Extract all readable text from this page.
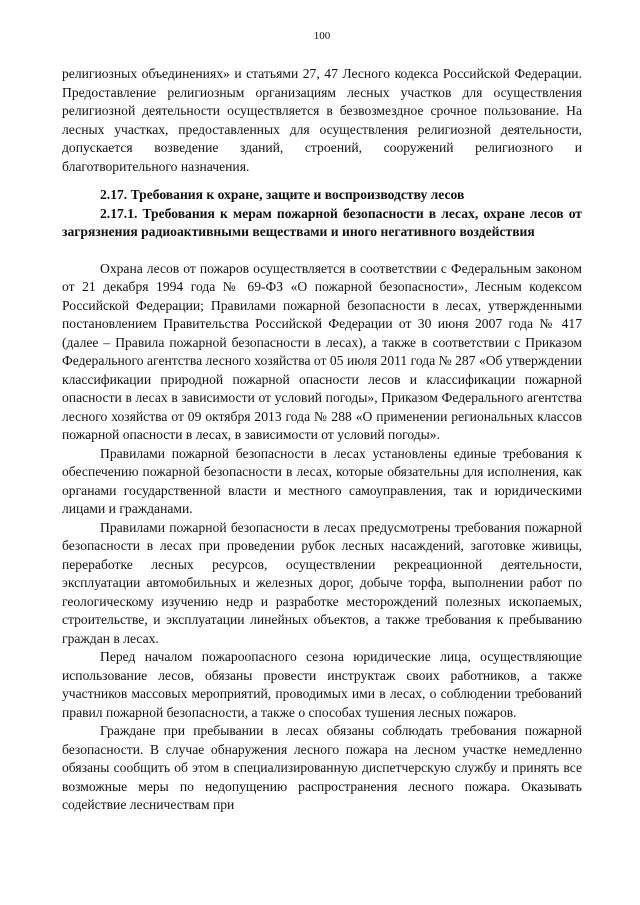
100

религиозных объединениях» и статьями 27, 47 Лесного кодекса Российской Федерации. Предоставление религиозным организациям лесных участков для осуществления религиозной деятельности осуществляется в безвозмездное срочное пользование. На лесных участках, предоставленных для осуществления религиозной деятельности, допускается возведение зданий, строений, сооружений религиозного и благотворительного назначения.

2.17. Требования к охране, защите и воспроизводству лесов

2.17.1. Требования к мерам пожарной безопасности в лесах, охране лесов от загрязнения радиоактивными веществами и иного негативного воздействия

Охрана лесов от пожаров осуществляется в соответствии с Федеральным законом от 21 декабря 1994 года № 69-ФЗ «О пожарной безопасности», Лесным кодексом Российской Федерации; Правилами пожарной безопасности в лесах, утвержденными постановлением Правительства Российской Федерации от 30 июня 2007 года № 417 (далее – Правила пожарной безопасности в лесах), а также в соответствии с Приказом Федерального агентства лесного хозяйства от 05 июля 2011 года № 287 «Об утверждении классификации природной пожарной опасности лесов и классификации пожарной опасности в лесах в зависимости от условий погоды», Приказом Федерального агентства лесного хозяйства от 09 октября 2013 года № 288 «О применении региональных классов пожарной опасности в лесах, в зависимости от условий погоды».

Правилами пожарной безопасности в лесах установлены единые требования к обеспечению пожарной безопасности в лесах, которые обязательны для исполнения, как органами государственной власти и местного самоуправления, так и юридическими лицами и гражданами.

Правилами пожарной безопасности в лесах предусмотрены требования пожарной безопасности в лесах при проведении рубок лесных насаждений, заготовке живицы, переработке лесных ресурсов, осуществлении рекреационной деятельности, эксплуатации автомобильных и железных дорог, добыче торфа, выполнении работ по геологическому изучению недр и разработке месторождений полезных ископаемых, строительстве, и эксплуатации линейных объектов, а также требования к пребыванию граждан в лесах.

Перед началом пожароопасного сезона юридические лица, осуществляющие использование лесов, обязаны провести инструктаж своих работников, а также участников массовых мероприятий, проводимых ими в лесах, о соблюдении требований правил пожарной безопасности, а также о способах тушения лесных пожаров.

Граждане при пребывании в лесах обязаны соблюдать требования пожарной безопасности. В случае обнаружения лесного пожара на лесном участке немедленно обязаны сообщить об этом в специализированную диспетчерскую службу и принять все возможные меры по недопущению распространения лесного пожара. Оказывать содействие лесничествам при
